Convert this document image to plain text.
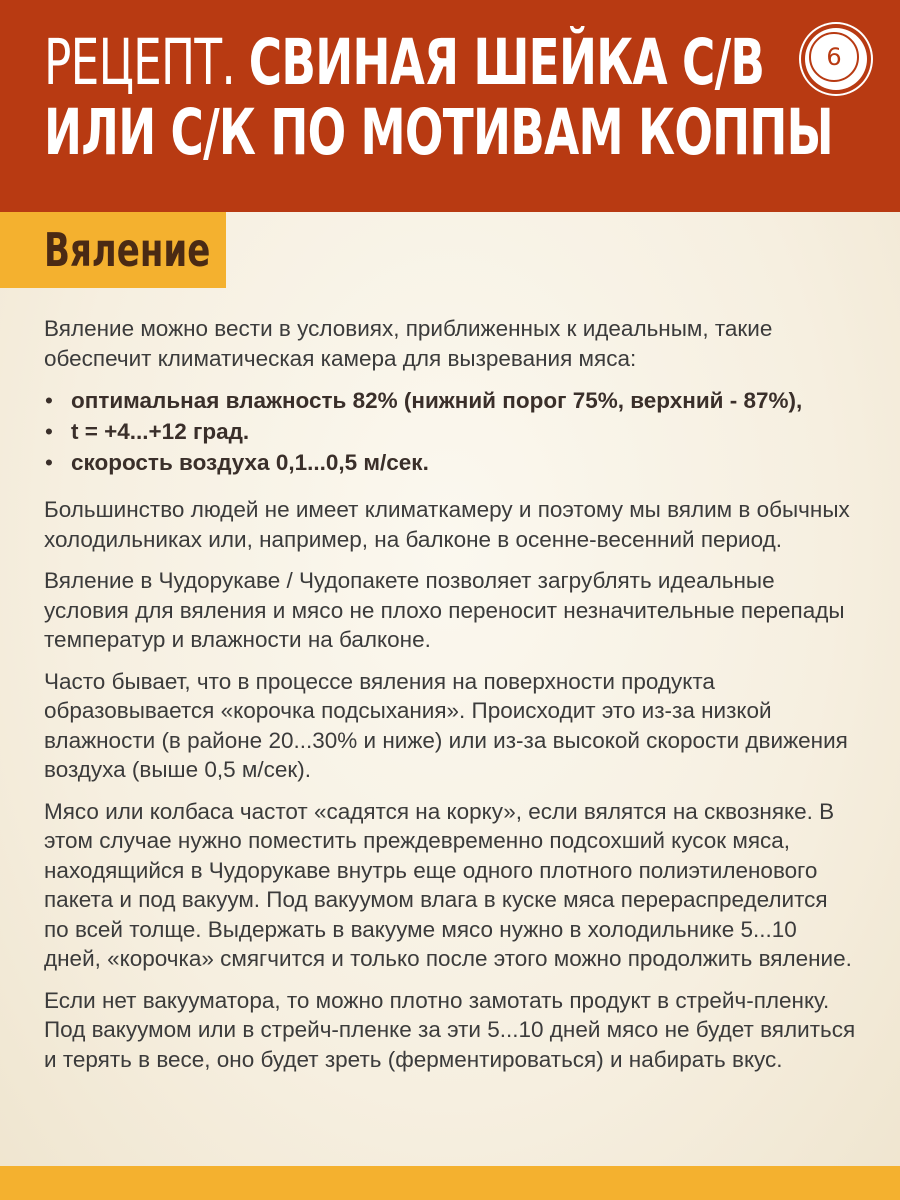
РЕЦЕПТ. СВИНАЯ ШЕЙКА С/В
ИЛИ С/К ПО МОТИВАМ КОППЫ
6
Вяление

Вяление можно вести в условиях, приближенных к идеальным, такие обеспечит климатическая камера для вызревания мяса:

• оптимальная влажность 82% (нижний порог 75%, верхний - 87%),
• t = +4...+12 град.
• скорость воздуха 0,1...0,5 м/сек.

Большинство людей не имеет климаткамеру и поэтому мы вялим в обычных холодильниках или, например, на балконе в осенне-весенний период.

Вяление в Чудорукаве / Чудопакете позволяет загрублять идеальные условия для вяления и мясо не плохо переносит незначительные перепады температур и влажности на балконе.

Часто бывает, что в процессе вяления на поверхности продукта образовывается «корочка подсыхания». Происходит это из-за низкой влажности (в районе 20...30% и ниже) или из-за высокой скорости движения воздуха (выше 0,5 м/сек).

Мясо или колбаса частот «садятся на корку», если вялятся на сквозняке. В этом случае нужно поместить преждевременно подсохший кусок мяса, находящийся в Чудорукаве внутрь еще одного плотного полиэтиленового пакета и под вакуум. Под вакуумом влага в куске мяса перераспределится по всей толще. Выдержать в вакууме мясо нужно в холодильнике 5...10 дней, «корочка» смягчится и только после этого можно продолжить вяление.

Если нет вакууматора, то можно плотно замотать продукт в стрейч-пленку. Под вакуумом или в стрейч-пленке за эти 5...10 дней мясо не будет вялиться и терять в весе, оно будет зреть (ферментироваться) и набирать вкус.
